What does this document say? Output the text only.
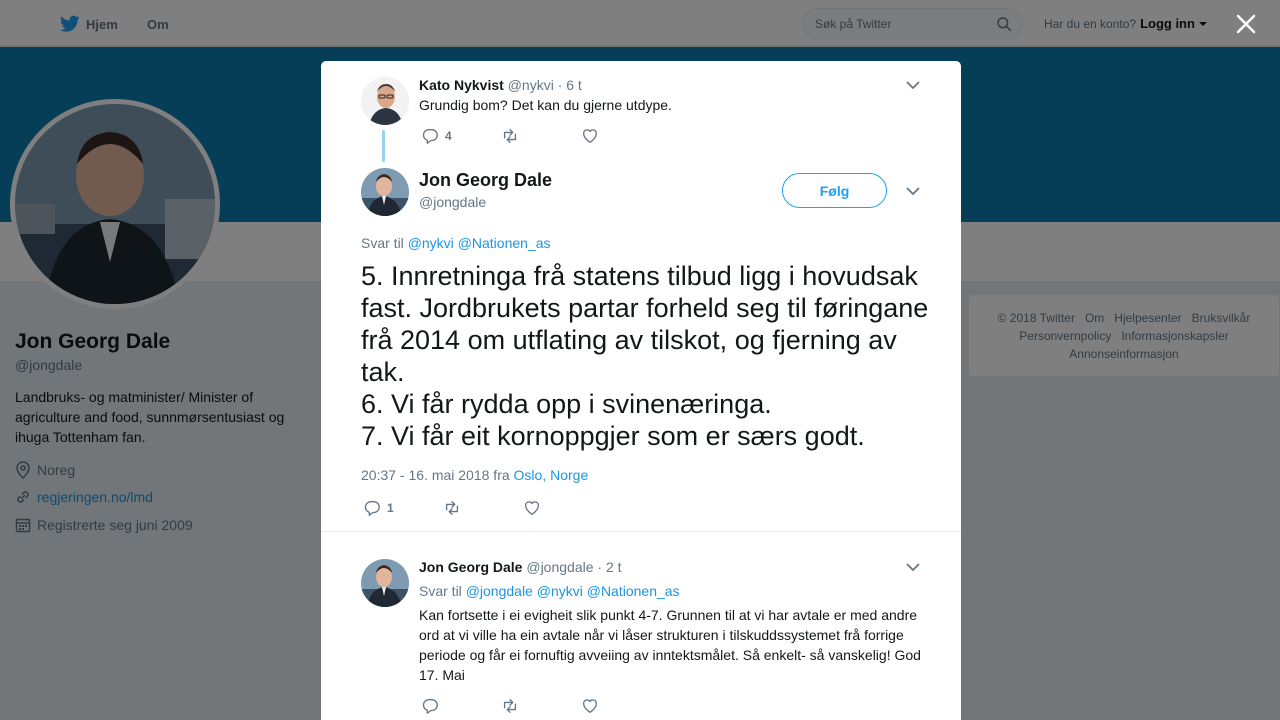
Søk på Twitter

Kato Nykvist @nykvi · 6 t
Grundig bom? Det kan du gjerne utdype.
4
Jon Georg Dale
@jongdale
Følg
Svar til @nykvi @Nationen_as
5. Innretninga frå statens tilbud ligg i hovudsak fast. Jordbrukets partar forheld seg til føringane frå 2014 om utflating av tilskot, og fjerning av tak.
6. Vi får rydda opp i svinenæringa.
7. Vi får eit kornoppgjer som er særs godt.
20:37 - 16. mai 2018 fra Oslo, Norge
1
Jon Georg Dale @jongdale · 2 t
Svar til @jongdale @nykvi @Nationen_as
Kan fortsette i ei evigheit slik punkt 4-7. Grunnen til at vi har avtale er med andre ord at vi ville ha ein avtale når vi låser strukturen i tilskuddssystemet frå forrige periode og får ei fornuftig avveiing av inntektsmålet. Så enkelt- så vanskelig! God 17. Mai
